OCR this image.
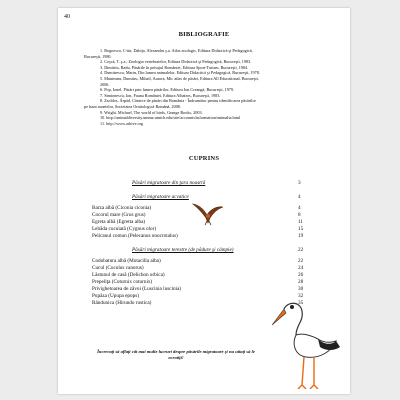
40
BIBLIOGRAFIE
1. Bogoescu, C-tin, Dabija, Alexandru ş.a. Atlas zoologic, Editura Didactică şi Pedagogică,
Bucureşti, 1980.
2. Coşcă, T. ş.a., Zoologia vertebratelor, Editura Didactică şi Pedagogică, Bucureşti, 1983.
3. Dimitriu, Radu, Păsările în peisajul României, Editura Sport-Turism, Bucureşti, 1984.
4. Dumitrescu, Marin, Din lumea animalelor, Editura Didactică şi Pedagogică, Bucureşti, 1978.
5. Munteanu, Dumitru, Mihail, Aurora, Mic atlas de păsări, Editura All Educational, Bucureşti,
2006.
6. Pop, Ionel, Păsări prin lumea păsărilor, Editura Ion Creangă, Bucureşti, 1979.
7. Simionescu, Ion, Fauna României, Editura Albatros, Bucureşti, 1983.
8. Zsoldos, Árpád, Cântece de păsări din România - Îndrumător pentru identificarea păsărilor
pe baza sunetelor, Societatea Ornitologică Română, 2008.
9. Wright, Michael, The world of birds, Grange Books, 2003.
10. http://animaldiversity.ummz.umich.edu/site/accounts/information/animalia.html
11. http://www.arkive.org
CUPRINS
Păsări migratoare din ţara noastră	3
Păsări migratoare acvatice	4
Barza albă (Ciconia ciconia)	4
Cocorul mare (Grus grus)	8
Egreta albă (Egretta alba)	11
Lebăda cucuiată (Cygnus olor)	15
Pelicanul comun (Pelecanus onocrotalus)	19
Păsări migratoare terestre (de pădure şi câmpie)	22
Codobatura albă (Motacilla alba)	22
Cucul (Cuculus canorus)	24
Lăstunul de casă (Delichon urbica)	26
Prepeliţa (Coturnix coturnix)	28
Privighetoarea de zăvoi (Luscinia luscinia)	30
Pupăza (Upupa epops)	32
Rândunica (Hirundo rustica)	35
Încercaţi să aflaţi cât mai multe lucruri despre păsările migratoare şi nu uitaţi să le ocrotiţi!
